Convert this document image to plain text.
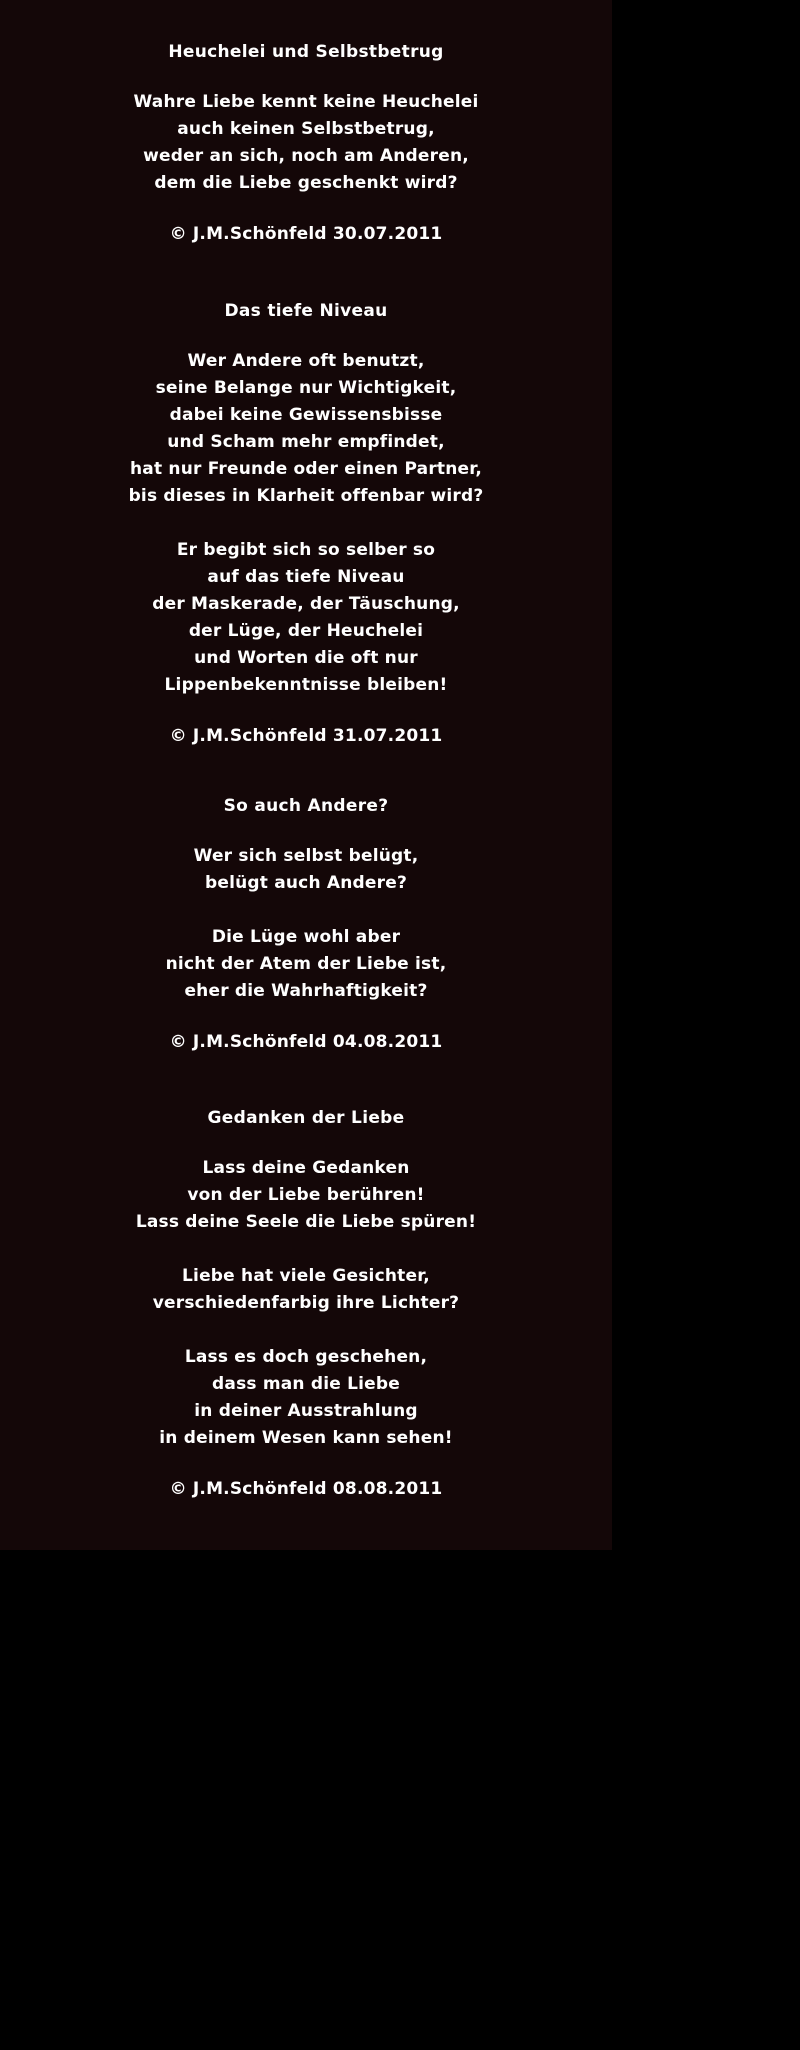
Heuchelei und Selbstbetrug
Wahre Liebe kennt keine Heuchelei
auch keinen Selbstbetrug,
weder an sich, noch am Anderen,
dem die Liebe geschenkt wird?
© J.M.Schönfeld 30.07.2011
Das tiefe Niveau
Wer Andere oft benutzt,
seine Belange nur Wichtigkeit,
dabei keine Gewissensbisse
und Scham mehr empfindet,
hat nur Freunde oder einen Partner,
bis dieses in Klarheit offenbar wird?
Er begibt sich so selber so
auf das tiefe Niveau
der Maskerade, der Täuschung,
der Lüge, der Heuchelei
und Worten die oft nur
Lippenbekenntnisse bleiben!
© J.M.Schönfeld 31.07.2011
So auch Andere?
Wer sich selbst belügt,
belügt auch Andere?
Die Lüge wohl aber
nicht der Atem der Liebe ist,
eher die Wahrhaftigkeit?
© J.M.Schönfeld 04.08.2011
Gedanken der Liebe
Lass deine Gedanken
von der Liebe berühren!
Lass deine Seele die Liebe spüren!
Liebe hat viele Gesichter,
verschiedenfarbig ihre Lichter?
Lass es doch geschehen,
dass man die Liebe
in deiner Ausstrahlung
in deinem Wesen kann sehen!
© J.M.Schönfeld 08.08.2011
